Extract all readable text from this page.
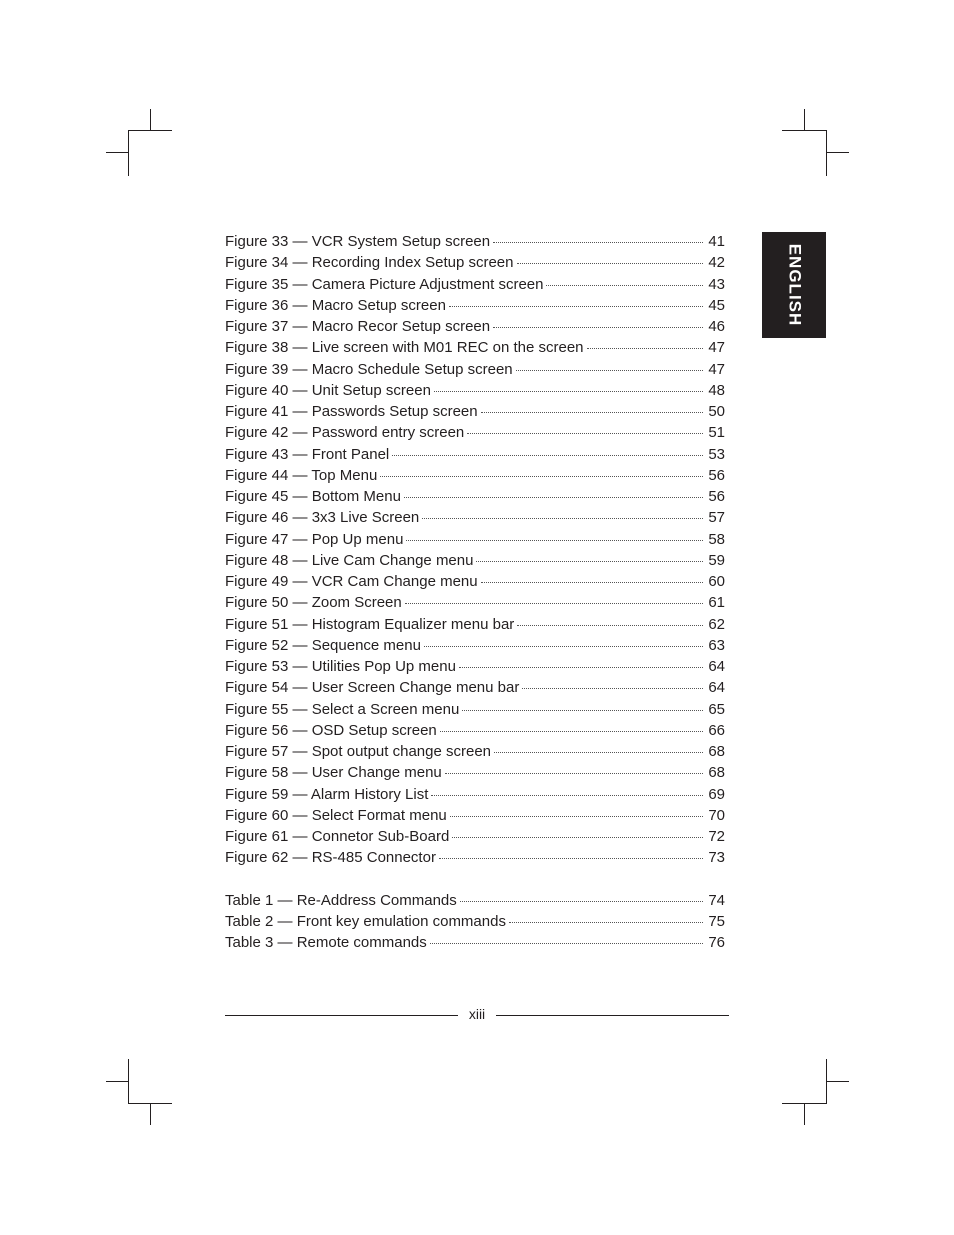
ENGLISH
Figure 33 — VCR System Setup screen	41
Figure 34 — Recording Index Setup screen	42
Figure 35 — Camera Picture Adjustment screen	43
Figure 36 — Macro Setup screen	45
Figure 37 — Macro Recor Setup screen	46
Figure 38 — Live screen with M01 REC on the screen	47
Figure 39 — Macro Schedule Setup screen	47
Figure 40 — Unit Setup screen	48
Figure 41 — Passwords Setup screen	50
Figure 42 — Password entry screen	51
Figure 43 — Front Panel	53
Figure 44 — Top Menu	56
Figure 45 — Bottom Menu	56
Figure 46 — 3x3 Live Screen	57
Figure 47 — Pop Up menu	58
Figure 48 — Live Cam Change menu	59
Figure 49 — VCR Cam Change menu	60
Figure 50 — Zoom Screen	61
Figure 51 — Histogram Equalizer menu bar	62
Figure 52 — Sequence menu	63
Figure 53 — Utilities Pop Up menu	64
Figure 54 — User Screen Change menu bar	64
Figure 55 — Select a Screen menu	65
Figure 56 — OSD Setup screen	66
Figure 57 — Spot output change screen	68
Figure 58 — User Change menu	68
Figure 59 — Alarm History List	69
Figure 60 — Select Format menu	70
Figure 61 — Connetor Sub-Board	72
Figure 62 — RS-485 Connector	73
Table 1 — Re-Address Commands	74
Table 2 — Front key emulation commands	75
Table 3 — Remote commands	76
xiii
